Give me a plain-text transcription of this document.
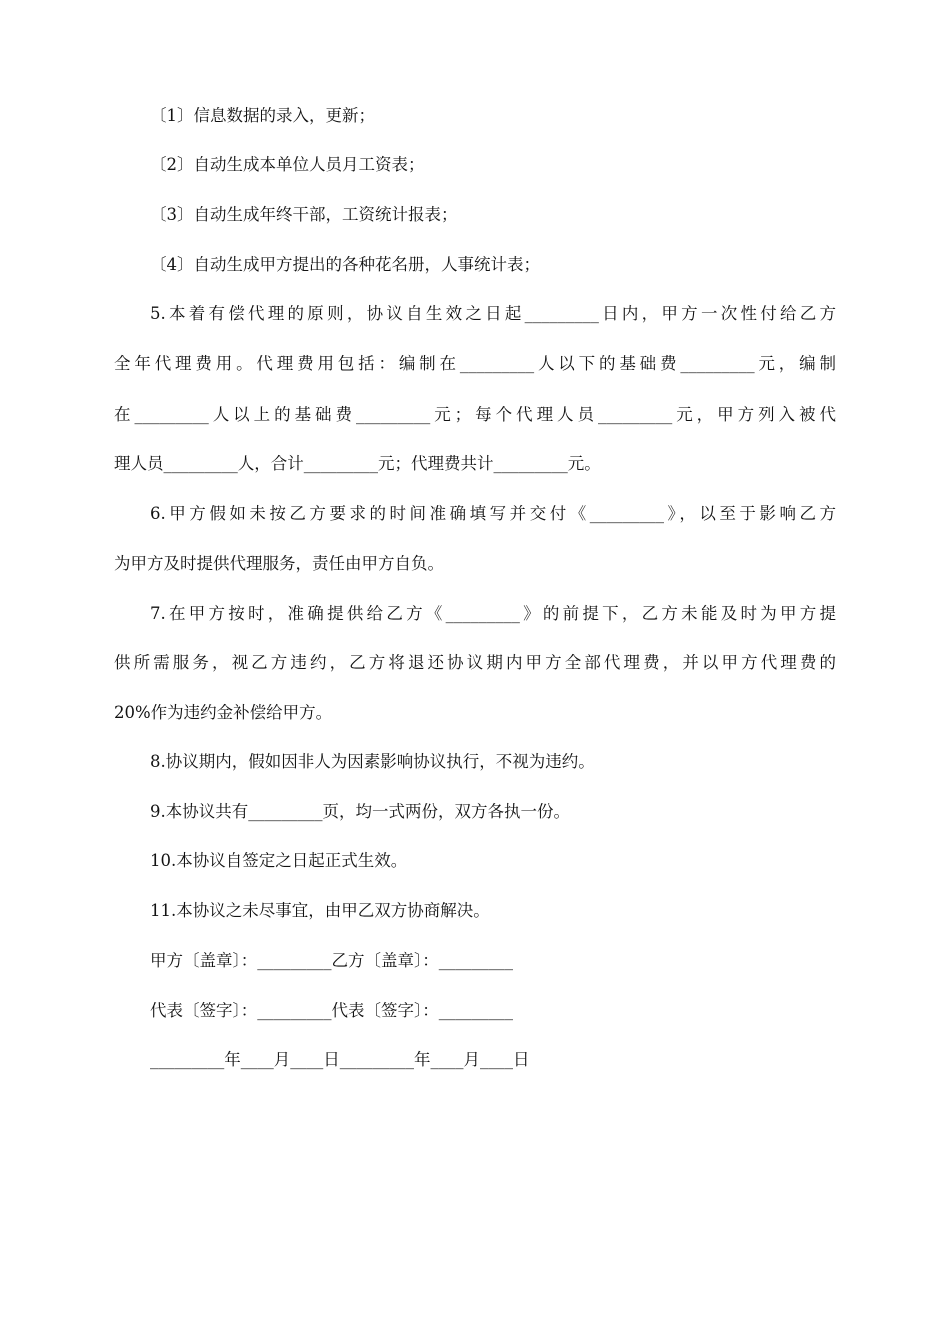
〔1〕信息数据的录入，更新；
〔2〕自动生成本单位人员月工资表；
〔3〕自动生成年终干部，工资统计报表；
〔4〕自动生成甲方提出的各种花名册，人事统计表；
5.本着有偿代理的原则，协议自生效之日起_________日内，甲方一次性付给乙方
全年代理费用。代理费用包括：编制在_________人以下的基础费_________元，编制
在_________人以上的基础费_________元；每个代理人员_________元，甲方列入被代
理人员_________人，合计_________元；代理费共计_________元。
6.甲方假如未按乙方要求的时间准确填写并交付《_________》，以至于影响乙方
为甲方及时提供代理服务，责任由甲方自负。
7.在甲方按时，准确提供给乙方《_________》的前提下，乙方未能及时为甲方提
供所需服务，视乙方违约，乙方将退还协议期内甲方全部代理费，并以甲方代理费的
20%作为违约金补偿给甲方。
8.协议期内，假如因非人为因素影响协议执行，不视为违约。
9.本协议共有_________页，均一式两份，双方各执一份。
10.本协议自签定之日起正式生效。
11.本协议之未尽事宜，由甲乙双方协商解决。
甲方〔盖章〕：_________乙方〔盖章〕：_________
代表〔签字〕：_________代表〔签字〕：_________
_________年____月____日_________年____月____日
